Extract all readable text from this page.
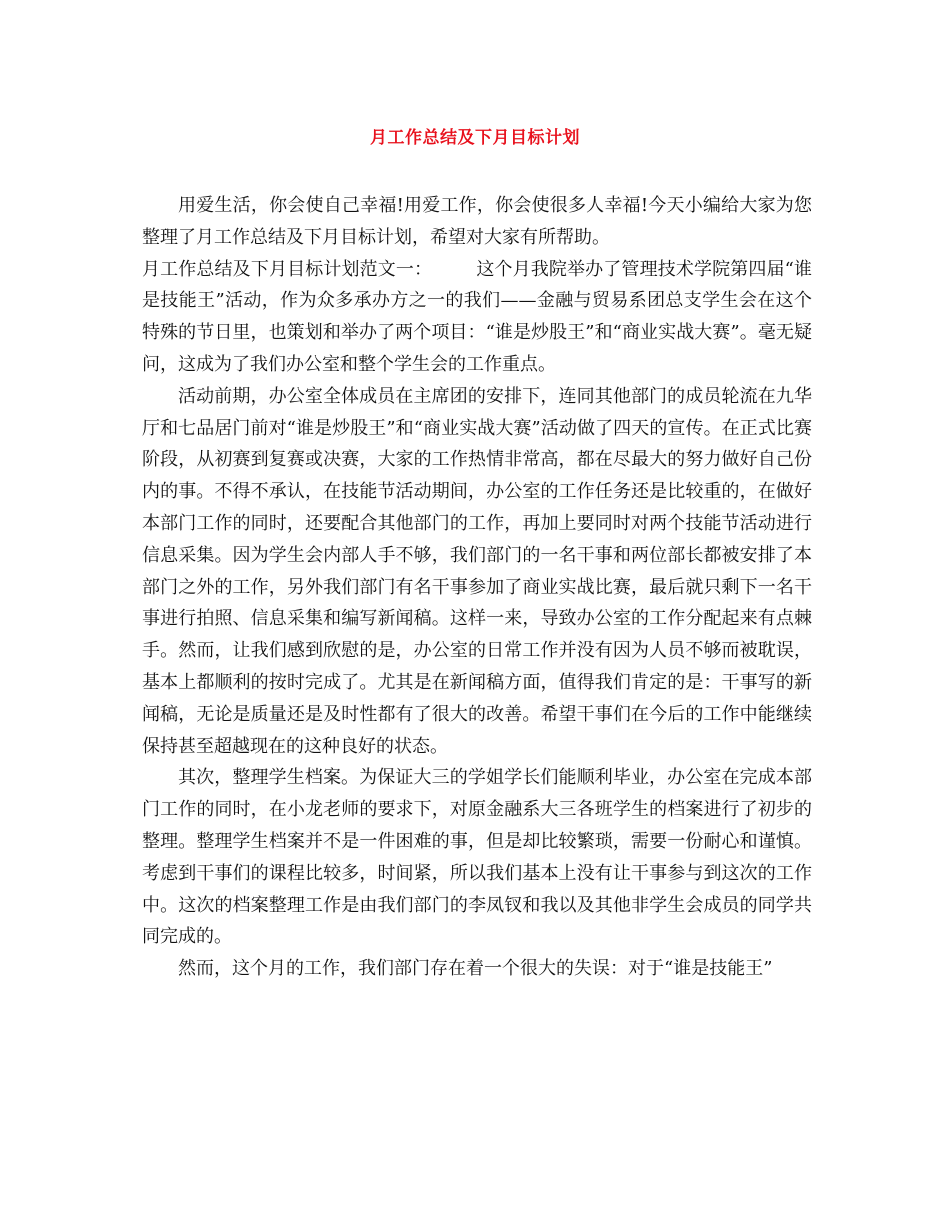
月工作总结及下月目标计划

用爱生活，你会使自己幸福!用爱工作，你会使很多人幸福!今天小编给大家为您整理了月工作总结及下月目标计划，希望对大家有所帮助。

月工作总结及下月目标计划范文一： 这个月我院举办了管理技术学院第四届“谁是技能王”活动，作为众多承办方之一的我们——金融与贸易系团总支学生会在这个特殊的节日里，也策划和举办了两个项目：“谁是炒股王”和“商业实战大赛”。毫无疑问，这成为了我们办公室和整个学生会的工作重点。

活动前期，办公室全体成员在主席团的安排下，连同其他部门的成员轮流在九华厅和七品居门前对“谁是炒股王”和“商业实战大赛”活动做了四天的宣传。在正式比赛阶段，从初赛到复赛或决赛，大家的工作热情非常高，都在尽最大的努力做好自己份内的事。不得不承认，在技能节活动期间，办公室的工作任务还是比较重的，在做好本部门工作的同时，还要配合其他部门的工作，再加上要同时对两个技能节活动进行信息采集。因为学生会内部人手不够，我们部门的一名干事和两位部长都被安排了本部门之外的工作，另外我们部门有名干事参加了商业实战比赛，最后就只剩下一名干事进行拍照、信息采集和编写新闻稿。这样一来，导致办公室的工作分配起来有点棘手。然而，让我们感到欣慰的是，办公室的日常工作并没有因为人员不够而被耽误，基本上都顺利的按时完成了。尤其是在新闻稿方面，值得我们肯定的是：干事写的新闻稿，无论是质量还是及时性都有了很大的改善。希望干事们在今后的工作中能继续保持甚至超越现在的这种良好的状态。

其次，整理学生档案。为保证大三的学姐学长们能顺利毕业，办公室在完成本部门工作的同时，在小龙老师的要求下，对原金融系大三各班学生的档案进行了初步的整理。整理学生档案并不是一件困难的事，但是却比较繁琐，需要一份耐心和谨慎。考虑到干事们的课程比较多，时间紧，所以我们基本上没有让干事参与到这次的工作中。这次的档案整理工作是由我们部门的李凤钗和我以及其他非学生会成员的同学共同完成的。

然而，这个月的工作，我们部门存在着一个很大的失误：对于“谁是技能王”
